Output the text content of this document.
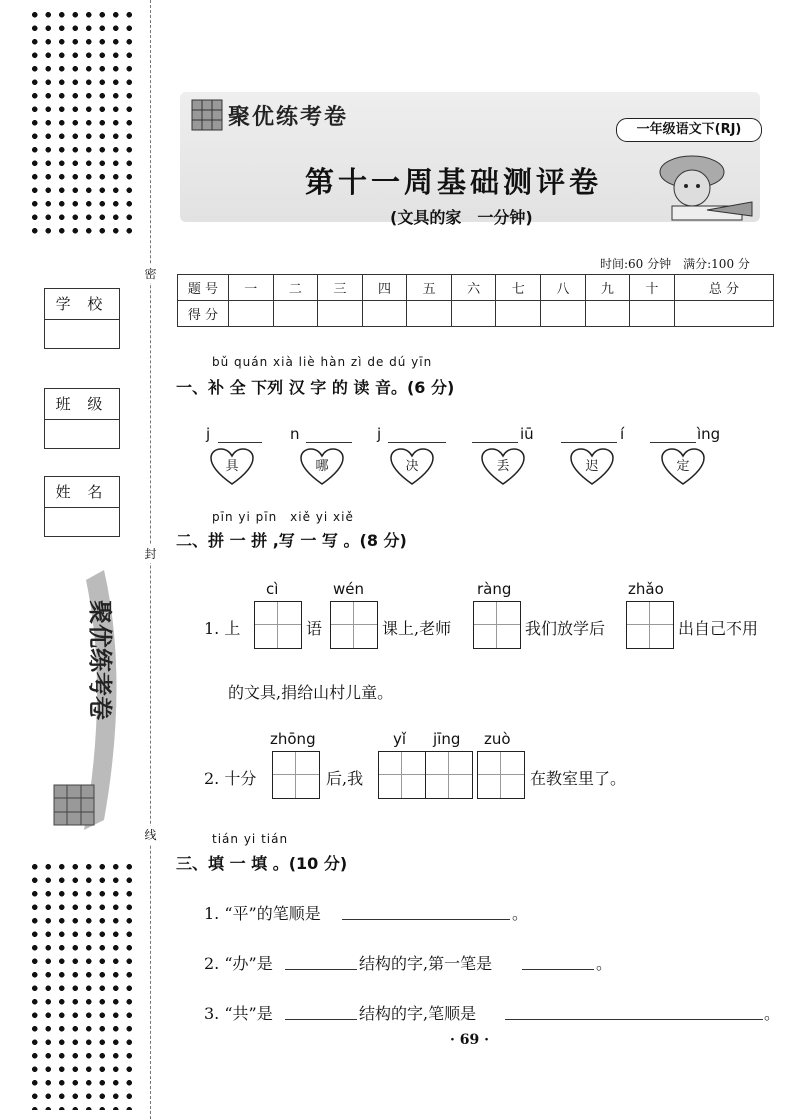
密
封
线
学 校
班 级
姓 名
聚优练考卷
聚优练考卷	一年级语文下(RJ)
第十一周基础测评卷
(文具的家　一分钟)
时间:60 分钟　满分:100 分
题 号	一	二	三	四	五	六	七	八	九	十	总 分
得 分											
bǔ quán xià liè hàn zì de dú yīn
一、补 全 下列 汉 字 的 读 音。(6 分)
j	n	j	iū	í	ìng
具	哪	决	丢	迟	定
pīn yi pīn　xiě yi xiě
二、拼 一 拼 ,写 一 写 。(8 分)
cì	wén	ràng	zhǎo
1. 上	语	课上,老师	我们放学后	出自己不用
的文具,捐给山村儿童。
zhōng	yǐ jīng zuò
2. 十分	后,我	在教室里了。
tián yi tián
三、填 一 填 。(10 分)
1. “平”的笔顺是	。
2. “办”是	结构的字,第一笔是	。
3. “共”是	结构的字,笔顺是	。
· 69 ·
